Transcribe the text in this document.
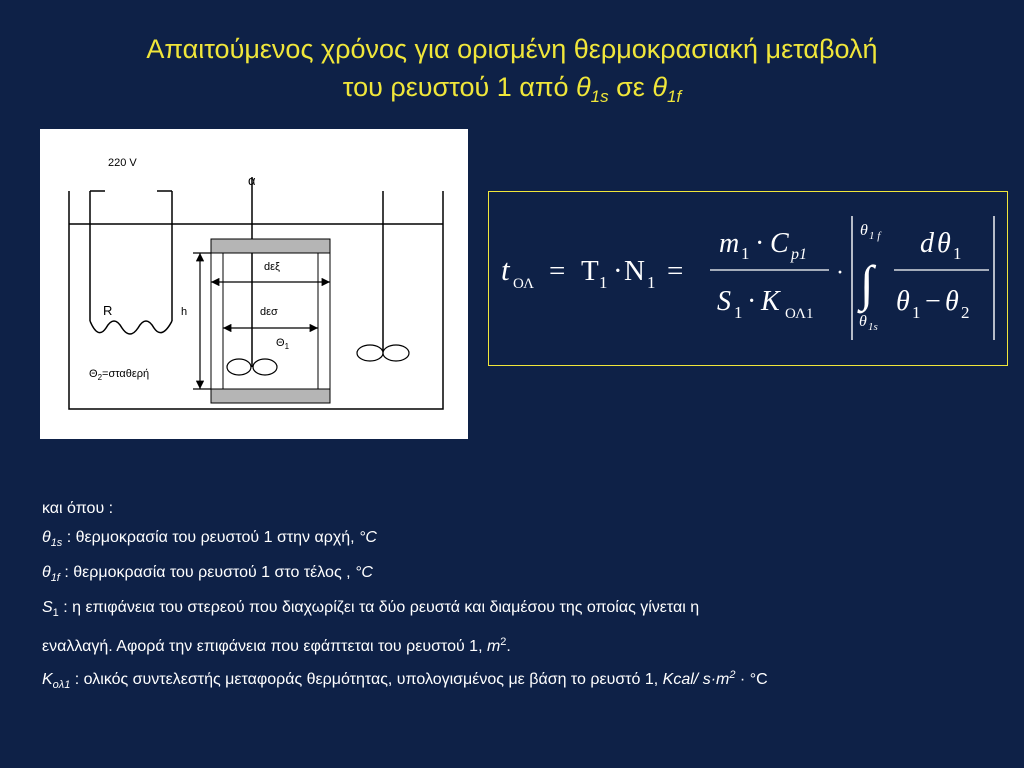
Απαιτούμενος χρόνος για ορισμένη θερμοκρασιακή μεταβολή
του ρευστού 1 από $\theta_{1s}$ σε $\theta_{1f}$
220 V
α
dεξ
dεσ
R	h
$\Theta_1$
$\Theta_2=\sigma\tau\alpha\theta\varepsilon\rho ή$
t ΟΛ = T 1 · N 1 =
m 1 · C p1
S 1 · K ΟΛ1
·
θ 1 f
∫
θ 1s
d θ 1
θ 1 − θ 2

και όπου :

$\theta_{1s}$ : θερμοκρασία του ρευστού 1 στην αρχή, °C

$\theta_{1f}$ : θερμοκρασία του ρευστού 1 στο τέλος , °C

$S_1$ : η επιφάνεια του στερεού που διαχωρίζει τα δύο ρευστά και διαμέσου της οποίας γίνεται η

εναλλαγή. Αφορά την επιφάνεια που εφάπτεται του ρευστού 1, $m^2$.

$K_{o\lambda 1}$ : ολικός συντελεστής μεταφοράς θερμότητας, υπολογισμένος με βάση το ρευστό 1, Kcal/ $s\cdot m^2 \cdot ^\circ C$
